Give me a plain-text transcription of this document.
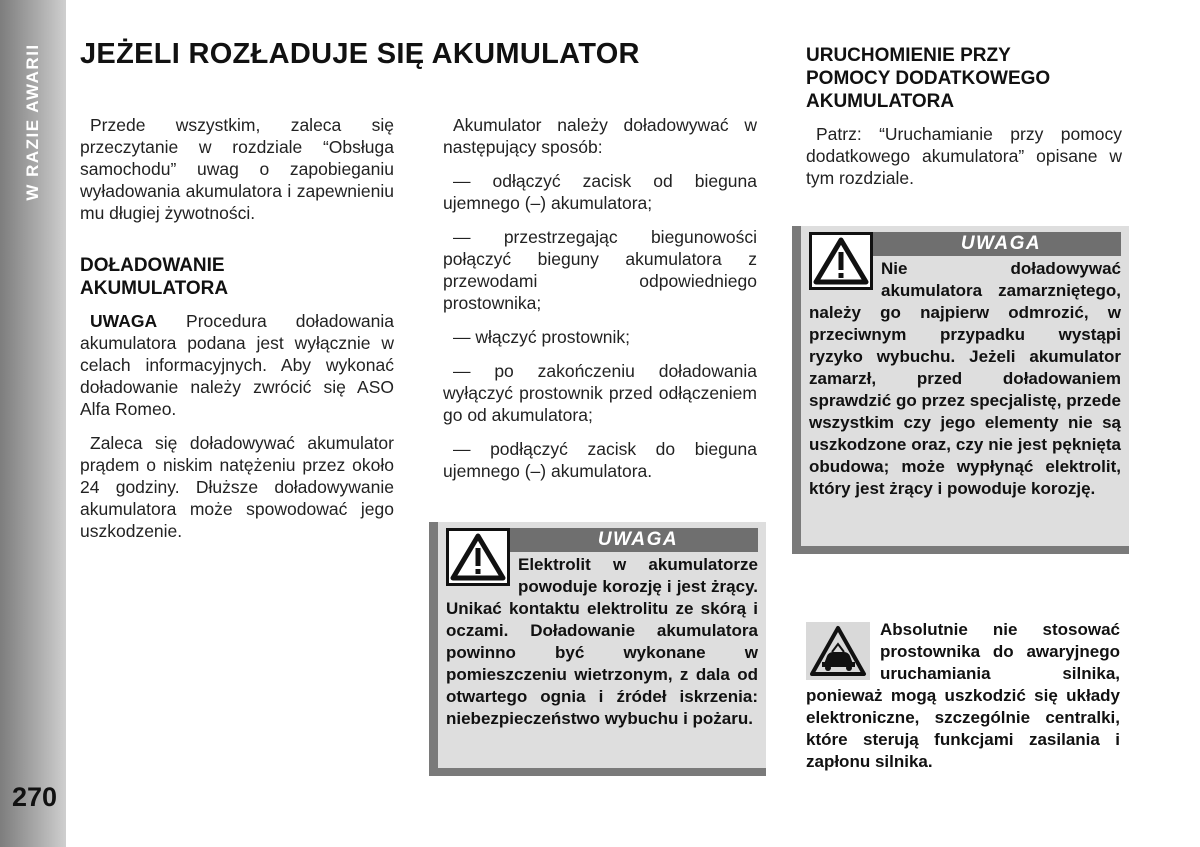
W RAZIE AWARII
270
JEŻELI ROZŁADUJE SIĘ AKUMULATOR

Przede wszystkim, zaleca się przeczytanie w rozdziale “Obsługa samochodu” uwag o zapobieganiu wyładowania akumulatora i zapewnieniu mu długiej żywotności.

DOŁADOWANIE
AKUMULATORA

UWAGA Procedura doładowania akumulatora podana jest wyłącznie w celach informacyjnych. Aby wykonać doładowanie należy zwrócić się ASO Alfa Romeo.

Zaleca się doładowywać akumulator prądem o niskim natężeniu przez około 24 godziny. Dłuższe doładowywanie akumulatora może spowodować jego uszkodzenie.

Akumulator należy doładowywać w następujący sposób:

— odłączyć zacisk od bieguna ujemnego (–) akumulatora;

— przestrzegając biegunowości połączyć bieguny akumulatora z przewodami odpowiedniego prostownika;

— włączyć prostownik;

— po zakończeniu doładowania wyłączyć prostownik przed odłączeniem go od akumulatora;

— podłączyć zacisk do bieguna ujemnego (–) akumulatora.

UWAGA

Elektrolit w akumulatorze powoduje korozję i jest żrący. Unikać kontaktu elektrolitu ze skórą i oczami. Doładowanie akumulatora powinno być wykonane w pomieszczeniu wietrzonym, z dala od otwartego ognia i źródeł iskrzenia: niebezpieczeństwo wybuchu i pożaru.

URUCHOMIENIE PRZY
POMOCY DODATKOWEGO
AKUMULATORA

Patrz: “Uruchamianie przy pomocy dodatkowego akumulatora” opisane w tym rozdziale.

UWAGA

Nie doładowywać akumulatora zamarzniętego, należy go najpierw odmrozić, w przeciwnym przypadku wystąpi ryzyko wybuchu. Jeżeli akumulator zamarzł, przed doładowaniem sprawdzić go przez specjalistę, przede wszystkim czy jego elementy nie są uszkodzone oraz, czy nie jest pęknięta obudowa; może wypłynąć elektrolit, który jest żrący i powoduje korozję.

Absolutnie nie stosować prostownika do awaryjnego uruchamiania silnika, ponieważ mogą uszkodzić się układy elektroniczne, szczególnie centralki, które sterują funkcjami zasilania i zapłonu silnika.
